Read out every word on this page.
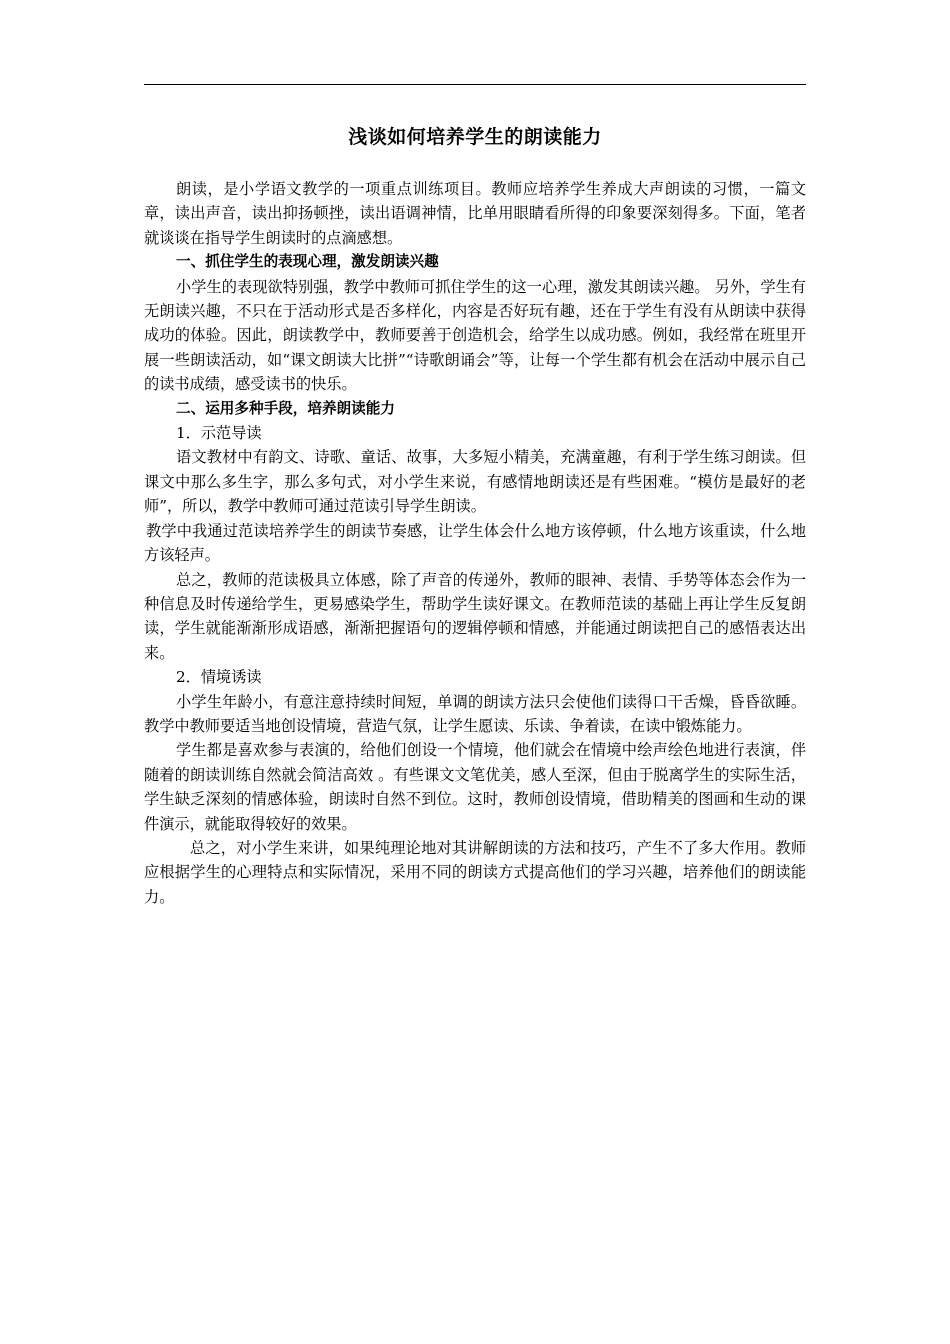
浅谈如何培养学生的朗读能力

朗读，是小学语文教学的一项重点训练项目。教师应培养学生养成大声朗读的习惯，一篇文章，读出声音，读出抑扬顿挫，读出语调神情，比单用眼睛看所得的印象要深刻得多。下面，笔者就谈谈在指导学生朗读时的点滴感想。

一、抓住学生的表现心理，激发朗读兴趣

小学生的表现欲特别强，教学中教师可抓住学生的这一心理，激发其朗读兴趣。 另外，学生有无朗读兴趣，不只在于活动形式是否多样化，内容是否好玩有趣，还在于学生有没有从朗读中获得成功的体验。因此，朗读教学中，教师要善于创造机会，给学生以成功感。例如，我经常在班里开展一些朗读活动，如“课文朗读大比拼”“诗歌朗诵会”等，让每一个学生都有机会在活动中展示自己的读书成绩，感受读书的快乐。

二、运用多种手段，培养朗读能力

1．示范导读

语文教材中有韵文、诗歌、童话、故事，大多短小精美，充满童趣，有利于学生练习朗读。但课文中那么多生字，那么多句式，对小学生来说，有感情地朗读还是有些困难。“模仿是最好的老师”，所以，教学中教师可通过范读引导学生朗读。

教学中我通过范读培养学生的朗读节奏感，让学生体会什么地方该停顿，什么地方该重读，什么地方该轻声。

总之，教师的范读极具立体感，除了声音的传递外，教师的眼神、表情、手势等体态会作为一种信息及时传递给学生，更易感染学生，帮助学生读好课文。在教师范读的基础上再让学生反复朗读，学生就能渐渐形成语感，渐渐把握语句的逻辑停顿和情感，并能通过朗读把自己的感悟表达出来。

2．情境诱读

小学生年龄小，有意注意持续时间短，单调的朗读方法只会使他们读得口干舌燥，昏昏欲睡。教学中教师要适当地创设情境，营造气氛，让学生愿读、乐读、争着读，在读中锻炼能力。

学生都是喜欢参与表演的，给他们创设一个情境，他们就会在情境中绘声绘色地进行表演，伴随着的朗读训练自然就会简洁高效 。有些课文文笔优美，感人至深，但由于脱离学生的实际生活，学生缺乏深刻的情感体验，朗读时自然不到位。这时，教师创设情境，借助精美的图画和生动的课件演示，就能取得较好的效果。

总之，对小学生来讲，如果纯理论地对其讲解朗读的方法和技巧，产生不了多大作用。教师应根据学生的心理特点和实际情况，采用不同的朗读方式提高他们的学习兴趣，培养他们的朗读能力。
